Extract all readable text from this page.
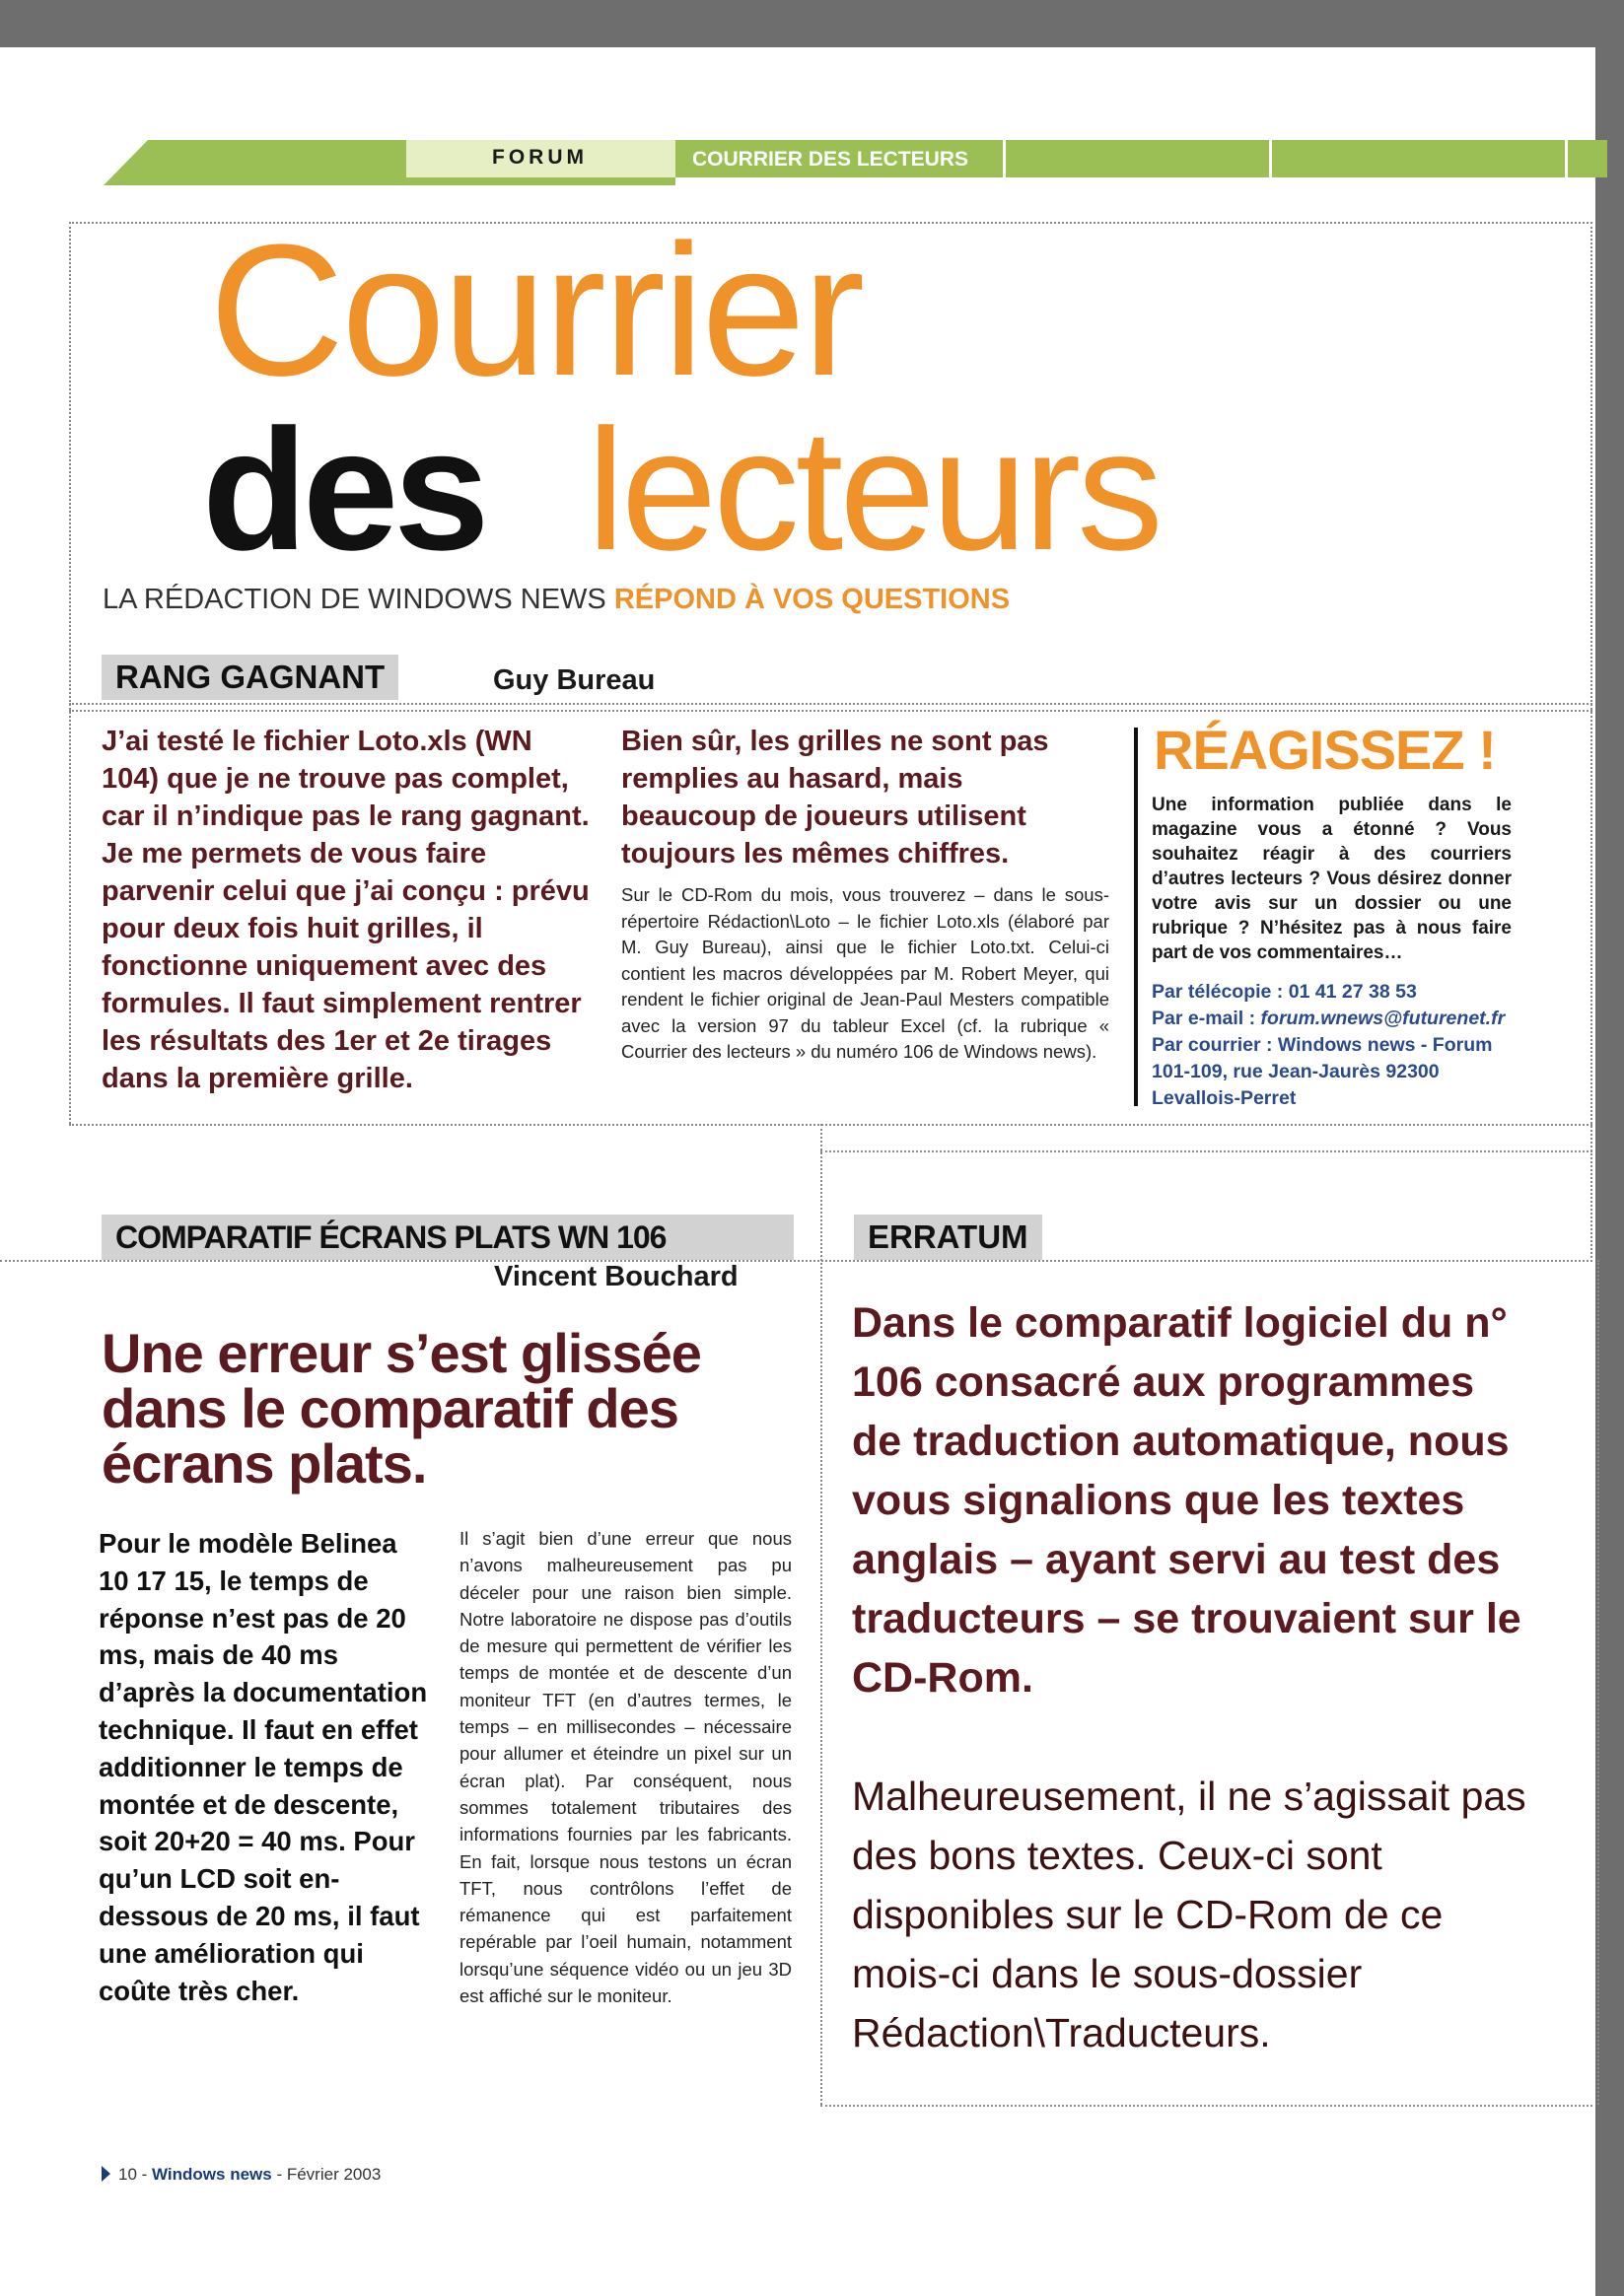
FORUM	COURRIER DES LECTEURS
Courrier
des lecteurs
LA RÉDACTION DE WINDOWS NEWS RÉPOND À VOS QUESTIONS
RANG GAGNANT	Guy Bureau
J’ai testé le fichier Loto.xls (WN 104) que je ne trouve pas complet, car il n’indique pas le rang gagnant. Je me permets de vous faire parvenir celui que j’ai conçu : prévu pour deux fois huit grilles, il fonctionne uniquement avec des formules. Il faut simplement rentrer les résultats des 1er et 2e tirages dans la première grille.
Bien sûr, les grilles ne sont pas remplies au hasard, mais beaucoup de joueurs utilisent toujours les mêmes chiffres.
Sur le CD-Rom du mois, vous trouverez – dans le sous-répertoire Rédaction\Loto – le fichier Loto.xls (élaboré par M. Guy Bureau), ainsi que le fichier Loto.txt. Celui-ci contient les macros développées par M. Robert Meyer, qui rendent le fichier original de Jean-Paul Mesters compatible avec la version 97 du tableur Excel (cf. la rubrique « Courrier des lecteurs » du numéro 106 de Windows news).
RÉAGISSEZ !
Une information publiée dans le magazine vous a étonné ? Vous souhaitez réagir à des courriers d’autres lecteurs ? Vous désirez donner votre avis sur un dossier ou une rubrique ? N’hésitez pas à nous faire part de vos commentaires…
Par télécopie : 01 41 27 38 53
Par e-mail : forum.wnews@futurenet.fr
Par courrier : Windows news - Forum
101-109, rue Jean-Jaurès 92300
Levallois-Perret
COMPARATIF ÉCRANS PLATS WN 106
Vincent Bouchard
Une erreur s’est glissée dans le comparatif des écrans plats.
Pour le modèle Belinea 10 17 15, le temps de réponse n’est pas de 20 ms, mais de 40 ms d’après la documentation technique. Il faut en effet additionner le temps de montée et de descente, soit 20+20 = 40 ms. Pour qu’un LCD soit en-dessous de 20 ms, il faut une amélioration qui coûte très cher.
Il s’agit bien d’une erreur que nous n’avons malheureusement pas pu déceler pour une raison bien simple. Notre laboratoire ne dispose pas d’outils de mesure qui permettent de vérifier les temps de montée et de descente d’un moniteur TFT (en d’autres termes, le temps – en millisecondes – nécessaire pour allumer et éteindre un pixel sur un écran plat). Par conséquent, nous sommes totalement tributaires des informations fournies par les fabricants. En fait, lorsque nous testons un écran TFT, nous contrôlons l’effet de rémanence qui est parfaitement repérable par l’oeil humain, notamment lorsqu’une séquence vidéo ou un jeu 3D est affiché sur le moniteur.
ERRATUM
Dans le comparatif logiciel du n° 106 consacré aux programmes de traduction automatique, nous vous signalions que les textes anglais – ayant servi au test des traducteurs – se trouvaient sur le CD-Rom.
Malheureusement, il ne s’agissait pas des bons textes. Ceux-ci sont disponibles sur le CD-Rom de ce mois-ci dans le sous-dossier Rédaction\Traducteurs.
10 - Windows news - Février 2003
